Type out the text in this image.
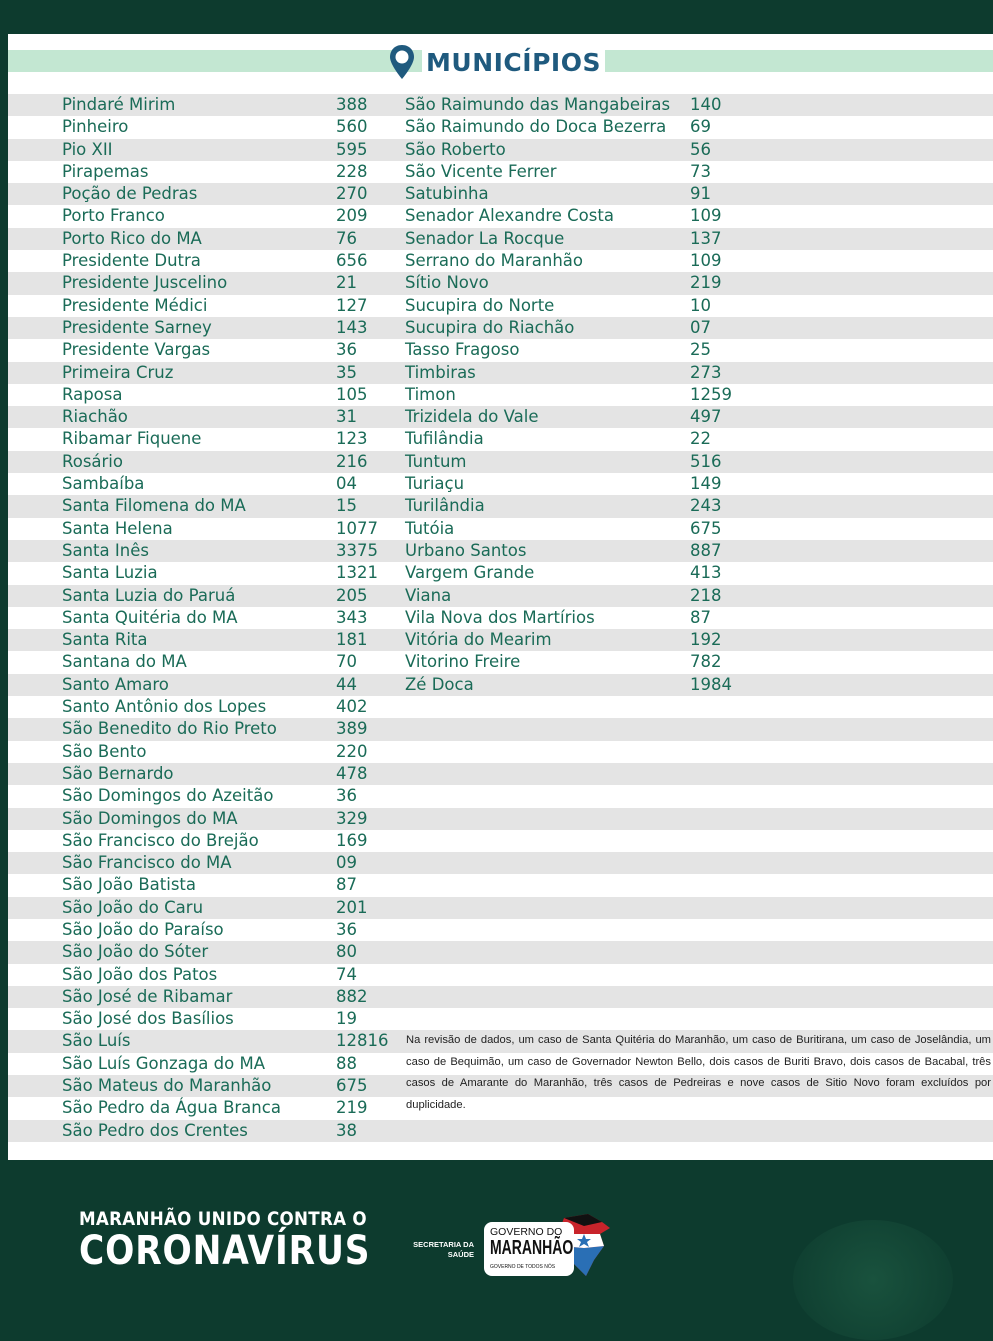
MUNICÍPIOS
Pindaré Mirim	388 São Raimundo das Mangabeiras 140
Pinheiro	560 São Raimundo do Doca Bezerra 69
Pio XII	595 São Roberto	56
Pirapemas	228 São Vicente Ferrer	73
Poção de Pedras	270 Satubinha	91
Porto Franco	209 Senador Alexandre Costa	109
Porto Rico do MA	76	Senador La Rocque	137
Presidente Dutra	656 Serrano do Maranhão	109
Presidente Juscelino	21	Sítio Novo	219
Presidente Médici	127 Sucupira do Norte	10
Presidente Sarney	143 Sucupira do Riachão	07
Presidente Vargas	36	Tasso Fragoso	25
Primeira Cruz	35	Timbiras	273
Raposa	105 Timon	1259
Riachão	31	Trizidela do Vale	497
Ribamar Fiquene	123 Tufilândia	22
Rosário	216 Tuntum	516
Sambaíba	04	Turiaçu	149
Santa Filomena do MA	15	Turilândia	243
Santa Helena	1077 Tutóia	675
Santa Inês	3375 Urbano Santos	887
Santa Luzia	1321 Vargem Grande	413
Santa Luzia do Paruá	205 Viana	218
Santa Quitéria do MA	343 Vila Nova dos Martírios	87
Santa Rita	181 Vitória do Mearim	192
Santana do MA	70	Vitorino Freire	782
Santo Amaro	44	Zé Doca	1984
Santo Antônio dos Lopes	402
São Benedito do Rio Preto	389
São Bento	220
São Bernardo	478
São Domingos do Azeitão	36
São Domingos do MA	329
São Francisco do Brejão	169
São Francisco do MA	09
São João Batista	87
São João do Caru	201
São João do Paraíso	36
São João do Sóter	80
São João dos Patos	74
São José de Ribamar	882
São José dos Basílios	19
São Luís	12816
São Luís Gonzaga do MA	88
São Mateus do Maranhão	675
São Pedro da Água Branca	219
São Pedro dos Crentes	38
Na revisão de dados, um caso de Santa Quitéria do Maranhão, um caso de Buritirana, um caso de Joselândia, um caso de Bequimão, um caso de Governador Newton Bello, dois casos de Buriti Bravo, dois casos de Bacabal, três casos de Amarante do Maranhão, três casos de Pedreiras e nove casos de Sitio Novo foram excluídos por duplicidade.
MARANHÃO UNIDO CONTRA O
CORONAVÍRUS	SECRETARIA DA
SAÚDE
GOVERNO DO
MARANHÃO
GOVERNO DE TODOS NÓS
